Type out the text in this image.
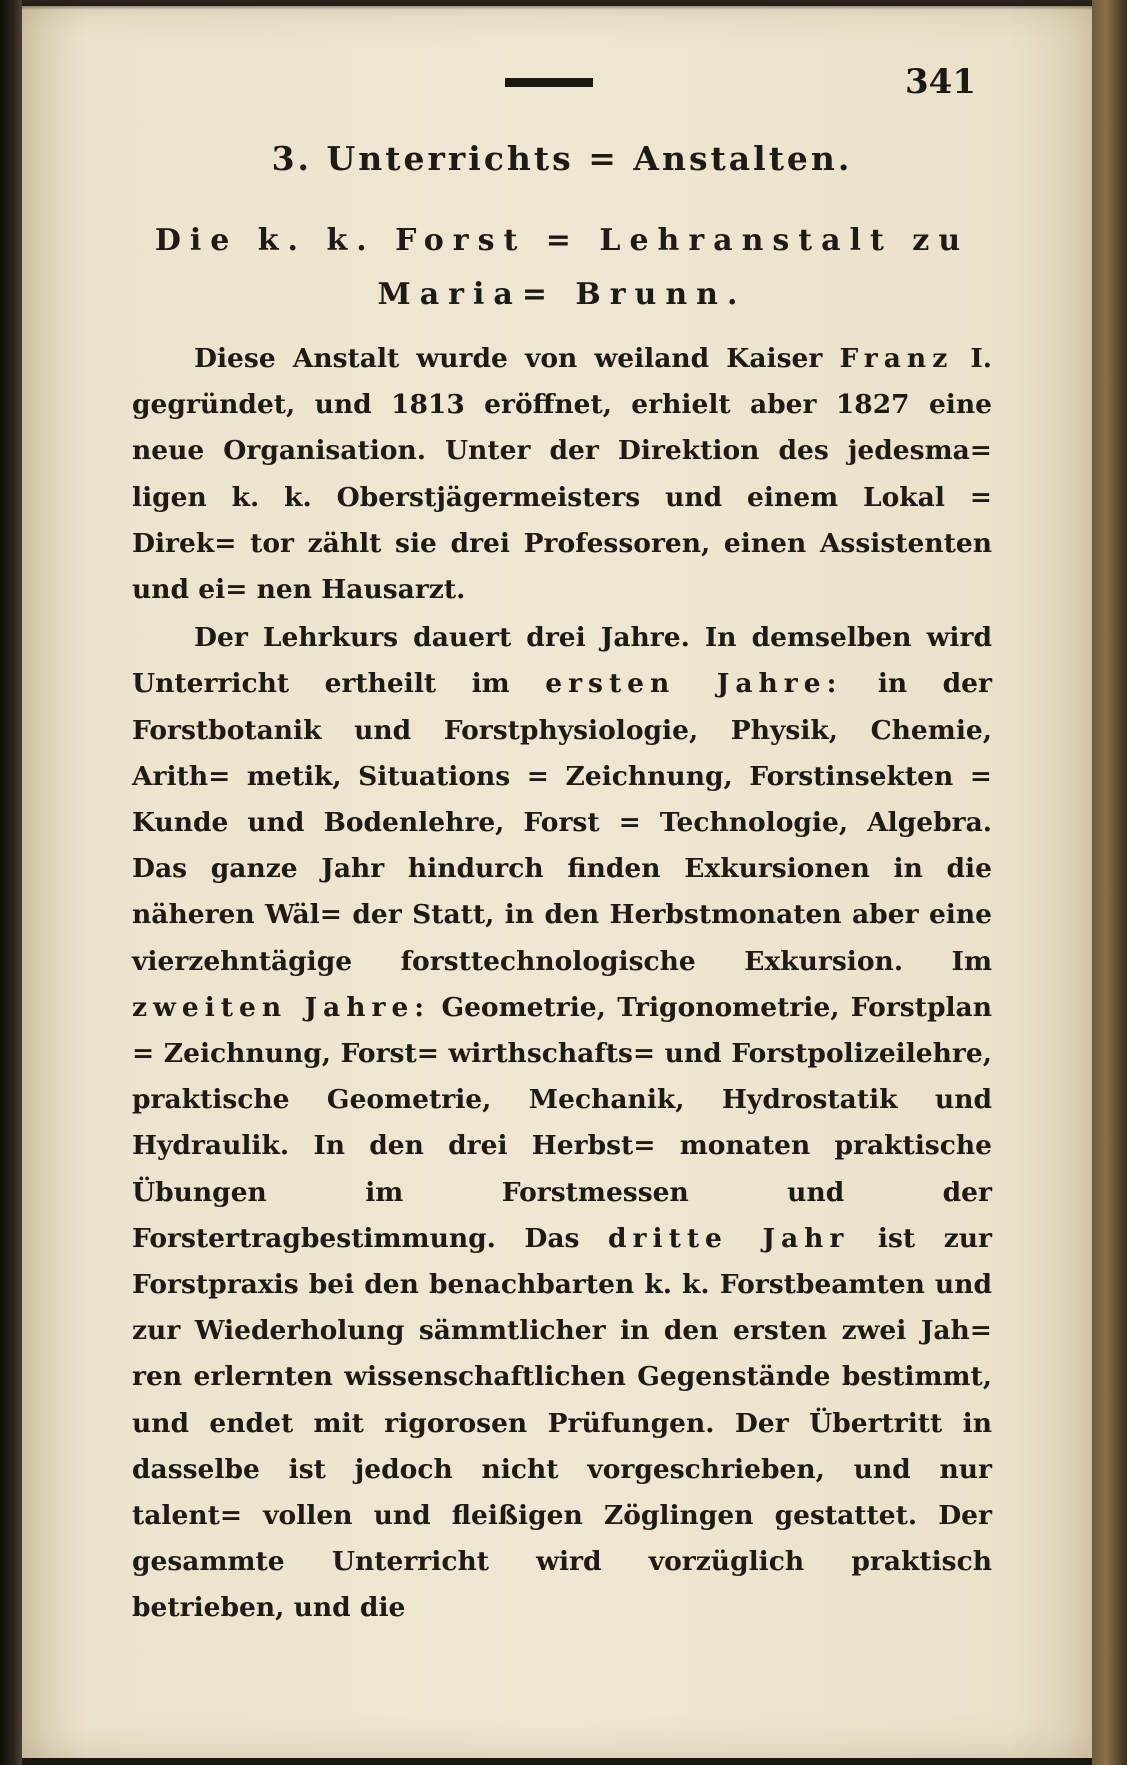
341
3. Unterrichts = Anstalten.
Die k. k. Forst = Lehranstalt zu Maria= Brunn.

Diese Anstalt wurde von weiland Kaiser Franz I. gegründet, und 1813 eröffnet, erhielt aber 1827 eine neue Organisation. Unter der Direktion des jedesma= ligen k. k. Oberstjägermeisters und einem Lokal = Direk= tor zählt sie drei Professoren, einen Assistenten und ei= nen Hausarzt.

Der Lehrkurs dauert drei Jahre. In demselben wird Unterricht ertheilt im ersten Jahre: in der Forstbotanik und Forstphysiologie, Physik, Chemie, Arith= metik, Situations = Zeichnung, Forstinsekten = Kunde und Bodenlehre, Forst = Technologie, Algebra. Das ganze Jahr hindurch finden Exkursionen in die näheren Wäl= der Statt, in den Herbstmonaten aber eine vierzehntägige forsttechnologische Exkursion. Im zweiten Jahre: Geometrie, Trigonometrie, Forstplan = Zeichnung, Forst= wirthschafts= und Forstpolizeilehre, praktische Geometrie, Mechanik, Hydrostatik und Hydraulik. In den drei Herbst= monaten praktische Übungen im Forstmessen und der Forstertragbestimmung. Das dritte Jahr ist zur Forstpraxis bei den benachbarten k. k. Forstbeamten und zur Wiederholung sämmtlicher in den ersten zwei Jah= ren erlernten wissenschaftlichen Gegenstände bestimmt, und endet mit rigorosen Prüfungen. Der Übertritt in dasselbe ist jedoch nicht vorgeschrieben, und nur talent= vollen und fleißigen Zöglingen gestattet. Der gesammte Unterricht wird vorzüglich praktisch betrieben, und die
